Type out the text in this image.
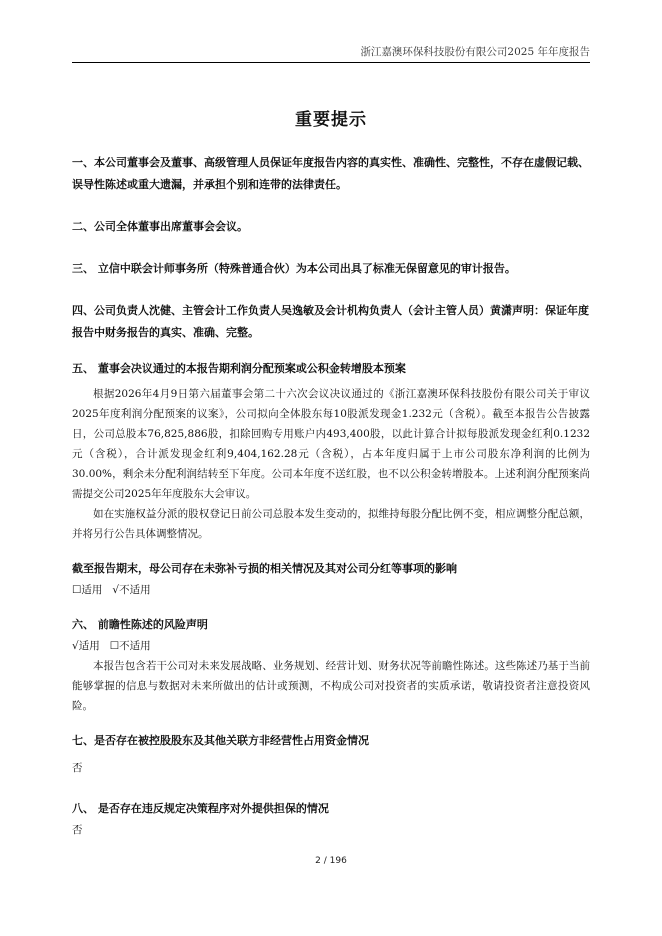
浙江嘉澳环保科技股份有限公司2025 年年度报告
重要提示

一、本公司董事会及董事、高级管理人员保证年度报告内容的真实性、准确性、完整性，不存在虚假记载、误导性陈述或重大遗漏，并承担个别和连带的法律责任。

二、公司全体董事出席董事会会议。

三、 立信中联会计师事务所（特殊普通合伙）为本公司出具了标准无保留意见的审计报告。

四、公司负责人沈健、主管会计工作负责人吴逸敏及会计机构负责人（会计主管人员）黄潇声明：保证年度报告中财务报告的真实、准确、完整。

五、 董事会决议通过的本报告期利润分配预案或公积金转增股本预案

根据2026年4月9日第六届董事会第二十六次会议决议通过的《浙江嘉澳环保科技股份有限公司关于审议2025年度利润分配预案的议案》，公司拟向全体股东每10股派发现金1.232元（含税）。截至本报告公告披露日，公司总股本76,825,886股，扣除回购专用账户内493,400股，以此计算合计拟每股派发现金红利0.1232元（含税），合计派发现金红利9,404,162.28元（含税），占本年度归属于上市公司股东净利润的比例为30.00%，剩余未分配利润结转至下年度。公司本年度不送红股，也不以公积金转增股本。上述利润分配预案尚需提交公司2025年年度股东大会审议。

如在实施权益分派的股权登记日前公司总股本发生变动的，拟维持每股分配比例不变，相应调整分配总额，并将另行公告具体调整情况。

截至报告期末，母公司存在未弥补亏损的相关情况及其对公司分红等事项的影响

☐适用 √不适用

六、 前瞻性陈述的风险声明

√适用 ☐不适用

本报告包含若干公司对未来发展战略、业务规划、经营计划、财务状况等前瞻性陈述。这些陈述乃基于当前能够掌握的信息与数据对未来所做出的估计或预测，不构成公司对投资者的实质承诺，敬请投资者注意投资风险。

七、是否存在被控股股东及其他关联方非经营性占用资金情况

否

八、 是否存在违反规定决策程序对外提供担保的情况

否

2 / 196
